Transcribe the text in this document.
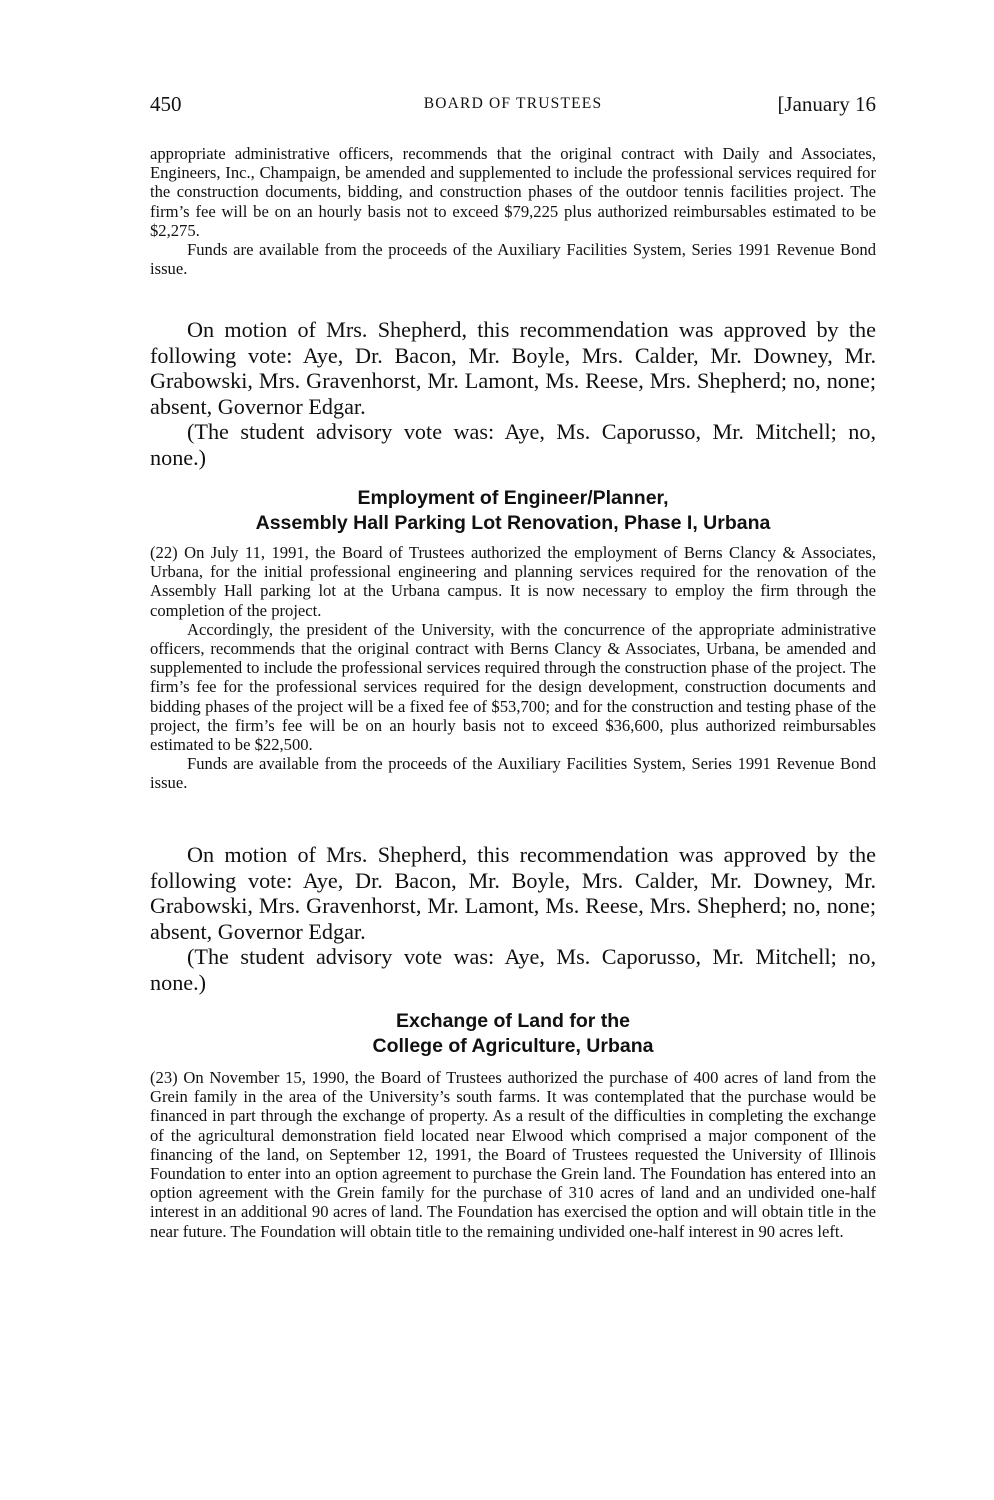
450	BOARD OF TRUSTEES	[January 16

appropriate administrative officers, recommends that the original contract with Daily and Associates, Engineers, Inc., Champaign, be amended and supplemented to include the professional services required for the construction documents, bidding, and construction phases of the outdoor tennis facilities project. The firm’s fee will be on an hourly basis not to exceed $79,225 plus authorized reimbursables estimated to be $2,275.

Funds are available from the proceeds of the Auxiliary Facilities System, Series 1991 Revenue Bond issue.

On motion of Mrs. Shepherd, this recommendation was approved by the following vote: Aye, Dr. Bacon, Mr. Boyle, Mrs. Calder, Mr. Downey, Mr. Grabowski, Mrs. Gravenhorst, Mr. Lamont, Ms. Reese, Mrs. Shepherd; no, none; absent, Governor Edgar.

(The student advisory vote was: Aye, Ms. Caporusso, Mr. Mitchell; no, none.)

Employment of Engineer/Planner,
Assembly Hall Parking Lot Renovation, Phase I, Urbana

(22) On July 11, 1991, the Board of Trustees authorized the employment of Berns Clancy & Associates, Urbana, for the initial professional engineering and planning services required for the renovation of the Assembly Hall parking lot at the Urbana campus. It is now necessary to employ the firm through the completion of the project.

Accordingly, the president of the University, with the concurrence of the appropriate administrative officers, recommends that the original contract with Berns Clancy & Associates, Urbana, be amended and supplemented to include the professional services required through the construction phase of the project. The firm’s fee for the professional services required for the design development, construction documents and bidding phases of the project will be a fixed fee of $53,700; and for the construction and testing phase of the project, the firm’s fee will be on an hourly basis not to exceed $36,600, plus authorized reimbursables estimated to be $22,500.

Funds are available from the proceeds of the Auxiliary Facilities System, Series 1991 Revenue Bond issue.

On motion of Mrs. Shepherd, this recommendation was approved by the following vote: Aye, Dr. Bacon, Mr. Boyle, Mrs. Calder, Mr. Downey, Mr. Grabowski, Mrs. Gravenhorst, Mr. Lamont, Ms. Reese, Mrs. Shepherd; no, none; absent, Governor Edgar.

(The student advisory vote was: Aye, Ms. Caporusso, Mr. Mitchell; no, none.)

Exchange of Land for the
College of Agriculture, Urbana

(23) On November 15, 1990, the Board of Trustees authorized the purchase of 400 acres of land from the Grein family in the area of the University’s south farms. It was contemplated that the purchase would be financed in part through the exchange of property. As a result of the difficulties in completing the exchange of the agricultural demonstration field located near Elwood which comprised a major component of the financing of the land, on September 12, 1991, the Board of Trustees requested the University of Illinois Foundation to enter into an option agreement to purchase the Grein land. The Foundation has entered into an option agreement with the Grein family for the purchase of 310 acres of land and an undivided one-half interest in an additional 90 acres of land. The Foundation has exercised the option and will obtain title in the near future. The Foundation will obtain title to the remaining undivided one-half interest in 90 acres left.
